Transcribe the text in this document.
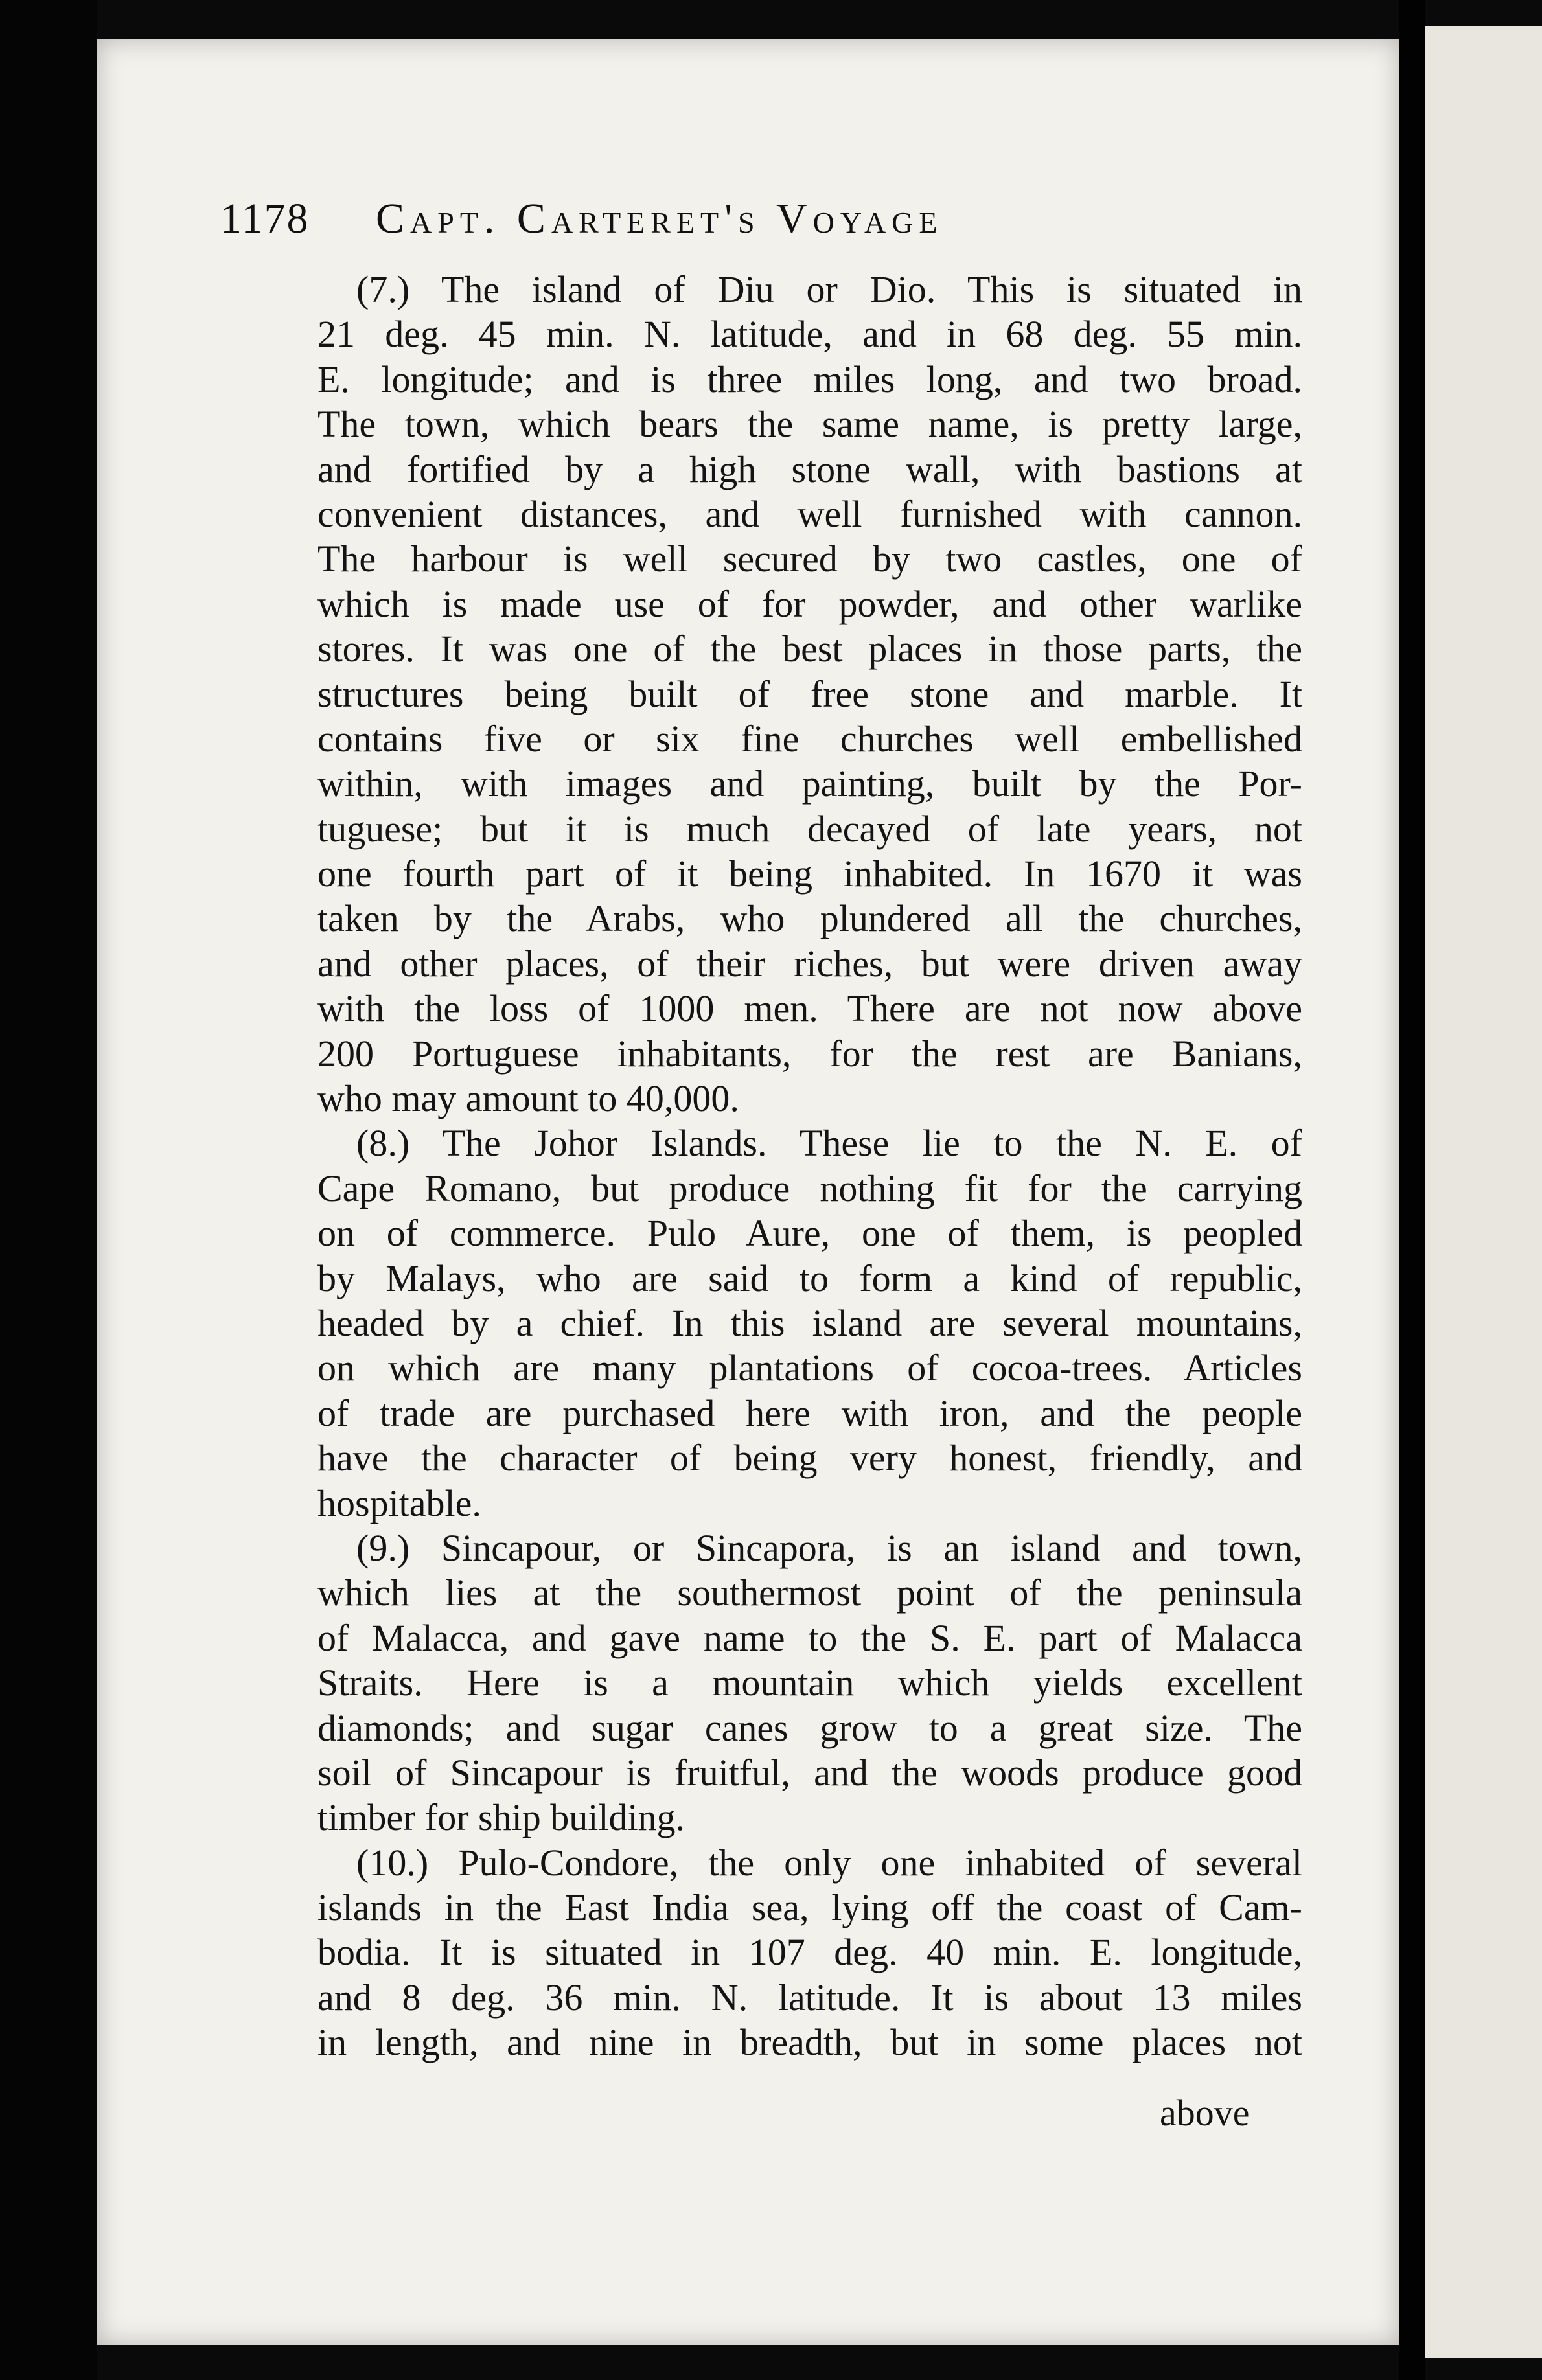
1178 Capt. Carteret's Voyage
(7.) The island of Diu or Dio. This is situated in
21 deg. 45 min. N. latitude, and in 68 deg. 55 min.
E. longitude; and is three miles long, and two broad.
The town, which bears the same name, is pretty large,
and fortified by a high stone wall, with bastions at
convenient distances, and well furnished with cannon.
The harbour is well secured by two castles, one of
which is made use of for powder, and other warlike
stores. It was one of the best places in those parts, the
structures being built of free stone and marble. It
contains five or six fine churches well embellished
within, with images and painting, built by the Por-
tuguese; but it is much decayed of late years, not
one fourth part of it being inhabited. In 1670 it was
taken by the Arabs, who plundered all the churches,
and other places, of their riches, but were driven away
with the loss of 1000 men. There are not now above
200 Portuguese inhabitants, for the rest are Banians,
who may amount to 40,000.
(8.) The Johor Islands. These lie to the N. E. of
Cape Romano, but produce nothing fit for the carrying
on of commerce. Pulo Aure, one of them, is peopled
by Malays, who are said to form a kind of republic,
headed by a chief. In this island are several mountains,
on which are many plantations of cocoa-trees. Articles
of trade are purchased here with iron, and the people
have the character of being very honest, friendly, and
hospitable.
(9.) Sincapour, or Sincapora, is an island and town,
which lies at the southermost point of the peninsula
of Malacca, and gave name to the S. E. part of Malacca
Straits. Here is a mountain which yields excellent
diamonds; and sugar canes grow to a great size. The
soil of Sincapour is fruitful, and the woods produce good
timber for ship building.
(10.) Pulo-Condore, the only one inhabited of several
islands in the East India sea, lying off the coast of Cam-
bodia. It is situated in 107 deg. 40 min. E. longitude,
and 8 deg. 36 min. N. latitude. It is about 13 miles
in length, and nine in breadth, but in some places not
above
